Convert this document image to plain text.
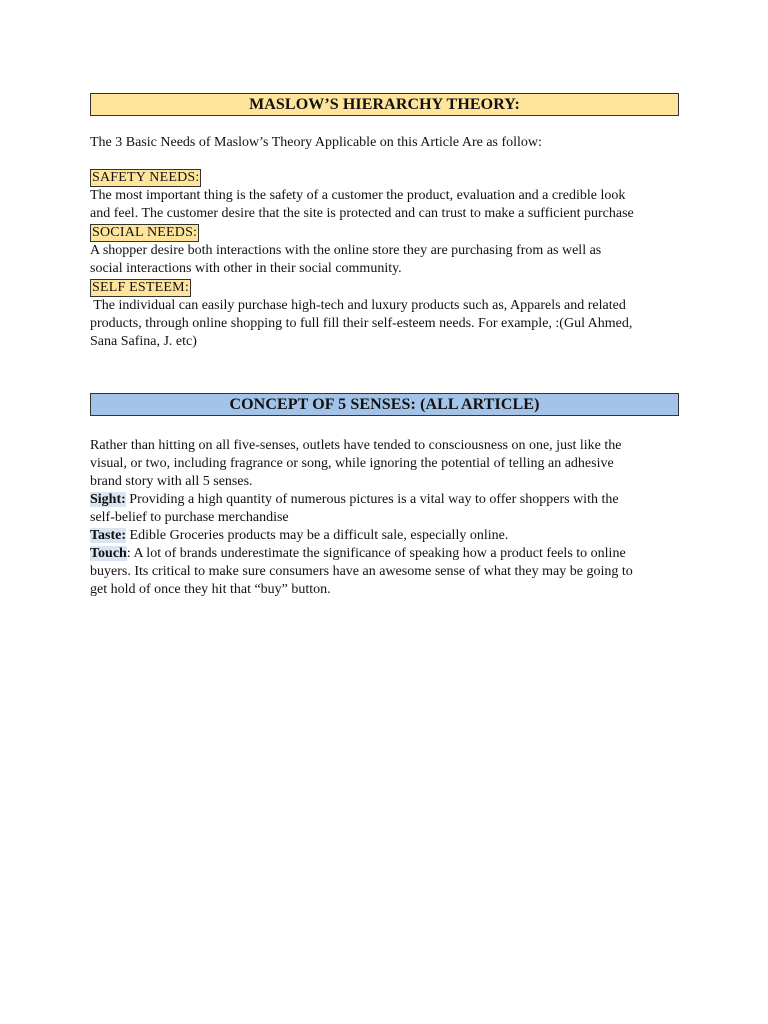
MASLOW’S HIERARCHY THEORY:
The 3 Basic Needs of Maslow’s Theory Applicable on this Article Are as follow:
SAFETY NEEDS:

The most important thing is the safety of a customer the product, evaluation and a credible look

and feel. The customer desire that the site is protected and can trust to make a sufficient purchase

SOCIAL NEEDS:

A shopper desire both interactions with the online store they are purchasing from as well as

social interactions with other in their social community.

SELF ESTEEM:

The individual can easily purchase high-tech and luxury products such as, Apparels and related

products, through online shopping to full fill their self-esteem needs. For example, :(Gul Ahmed,

Sana Safina, J. etc)

CONCEPT OF 5 SENSES: (ALL ARTICLE)

Rather than hitting on all five-senses, outlets have tended to consciousness on one, just like the

visual, or two, including fragrance or song, while ignoring the potential of telling an adhesive

brand story with all 5 senses.

Sight: Providing a high quantity of numerous pictures is a vital way to offer shoppers with the

self-belief to purchase merchandise

Taste: Edible Groceries products may be a difficult sale, especially online.

Touch: A lot of brands underestimate the significance of speaking how a product feels to online

buyers. Its critical to make sure consumers have an awesome sense of what they may be going to

get hold of once they hit that “buy” button.
